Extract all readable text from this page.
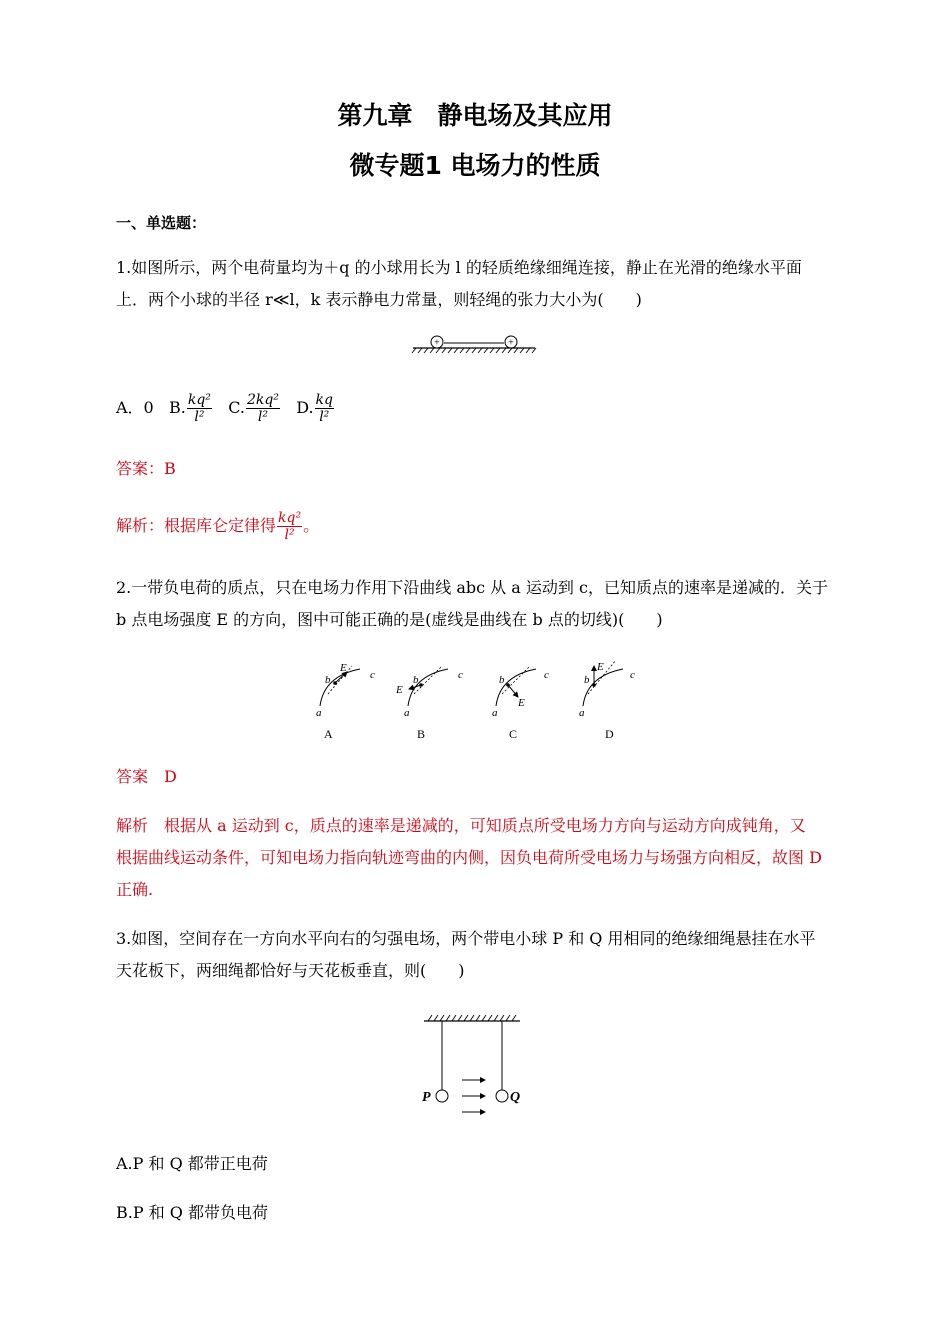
第九章　静电场及其应用
微专题1 电场力的性质
一、单选题：
1.如图所示，两个电荷量均为＋q 的小球用长为 l 的轻质绝缘细绳连接，静止在光滑的绝缘水平面
上．两个小球的半径 r≪l，k 表示静电力常量，则轻绳的张力大小为(　　)
+	+
A．0 B. $\frac{\text{kq²}}{\text{l²}} C$. $\frac{\text{2kq²}}{\text{l²}} D$. $\frac{kq}{\text{l²}}$
答案：B
解析：根据库仑定律得 $\frac{\text{kq²}}{\text{l²}}$ 。
2.一带负电荷的质点，只在电场力作用下沿曲线 abc 从 a 运动到 c，已知质点的速率是递减的．关于
b 点电场强度 E 的方向，图中可能正确的是(虚线是曲线在 b 点的切线)(　　)
E
b	c
a
A
E
b	c
a
B
E
b	c
a
C
E
b	c
a
D
答案　D
解析　根据从 a 运动到 c，质点的速率是递减的，可知质点所受电场力方向与运动方向成钝角，又
根据曲线运动条件，可知电场力指向轨迹弯曲的内侧，因负电荷所受电场力与场强方向相反，故图 D
正确.
3.如图，空间存在一方向水平向右的匀强电场，两个带电小球 P 和 Q 用相同的绝缘细绳悬挂在水平
天花板下，两细绳都恰好与天花板垂直，则(　　)
P	Q
A.P 和 Q 都带正电荷
B.P 和 Q 都带负电荷
